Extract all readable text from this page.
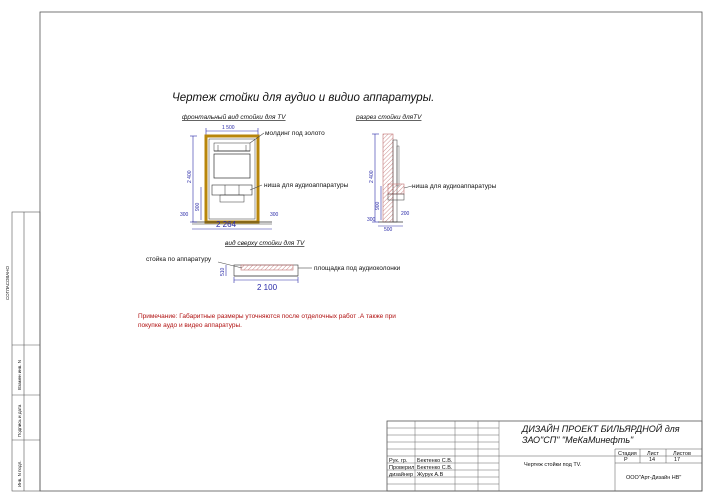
СОГЛАСОВАНО
Взамен инв. N
Подпись и дата
Инв. N подл.
Чертеж стойки для аудио и видио аппаратуры.
фронтальный вид стойки для TV
1 500
2 400
900
300	300
2 264
молдинг под золото
ниша для аудиоаппаратуры
разрез стойки дляTV
2 400
900
300
200
500
ниша для аудиоаппаратуры
вид сверху стойки для TV
510
2 100
стойка по аппаратуру
площадка под аудиоколонки
Примечание: Габаритные размеры уточняются после отделочных работ .А также при
покупке аудо и видео аппаратуры.
ДИЗАЙН ПРОЕКТ БИЛЬЯРДНОЙ для
ЗАО"СП" "МеКаМинефть"
Чертеж стойки под TV.
Стадия Лист	Листов
Р	14	17
ООО"Арт-Дизайн НВ"
Рук. гр. Бектенко С.В.
Проверил Бектенко С.В.
дизайнер Журук А.В
